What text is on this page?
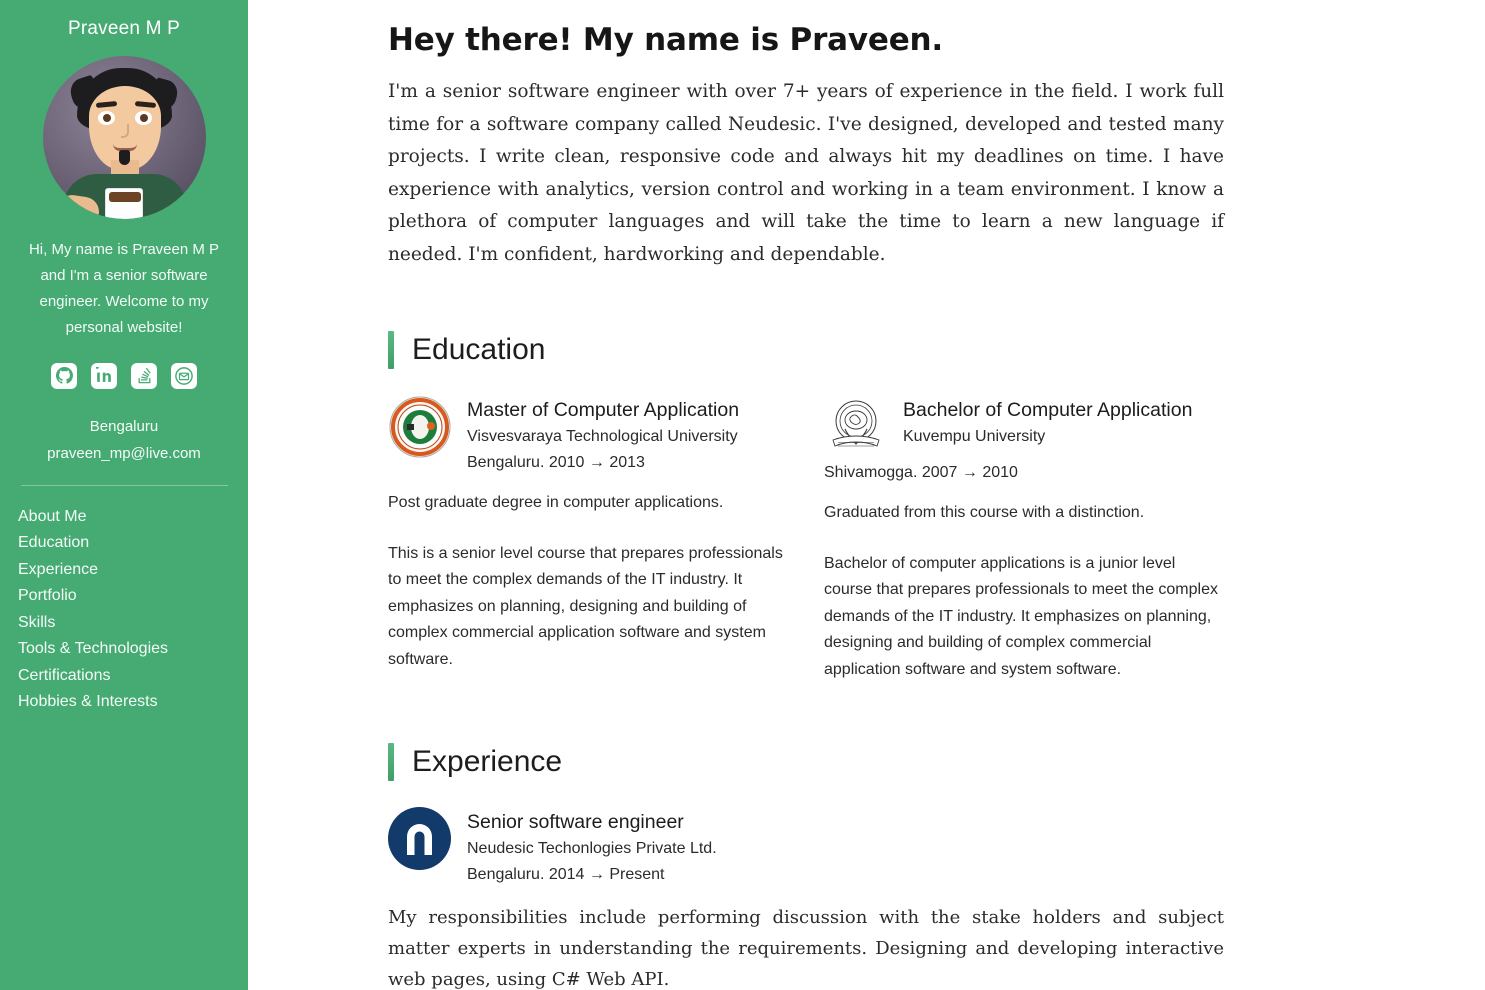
Praveen M P
Hi, My name is Praveen M P and I'm a senior software engineer. Welcome to my personal website!
Bengaluru
praveen_mp@live.com
About Me
Education
Experience
Portfolio
Skills
Tools & Technologies
Certifications
Hobbies & Interests
Hey there! My name is Praveen.

I'm a senior software engineer with over 7+ years of experience in the field. I work full time for a software company called Neudesic. I've designed, developed and tested many projects. I write clean, responsive code and always hit my deadlines on time. I have experience with analytics, version control and working in a team environment. I know a plethora of computer languages and will take the time to learn a new language if needed. I'm confident, hardworking and dependable.

Education

Master of Computer Application

Visvesvaraya Technological University

Bengaluru. 2010 → 2013

Post graduate degree in computer applications.

This is a senior level course that prepares professionals to meet the complex demands of the IT industry. It emphasizes on planning, designing and building of complex commercial application software and system software.

Bachelor of Computer Application

Kuvempu University

Shivamogga. 2007 → 2010

Graduated from this course with a distinction.

Bachelor of computer applications is a junior level course that prepares professionals to meet the complex demands of the IT industry. It emphasizes on planning, designing and building of complex commercial application software and system software.

Experience

Senior software engineer

Neudesic Techonlogies Private Ltd.

Bengaluru. 2014 → Present

My responsibilities include performing discussion with the stake holders and subject matter experts in understanding the requirements. Designing and developing interactive web pages, using C# Web API.
